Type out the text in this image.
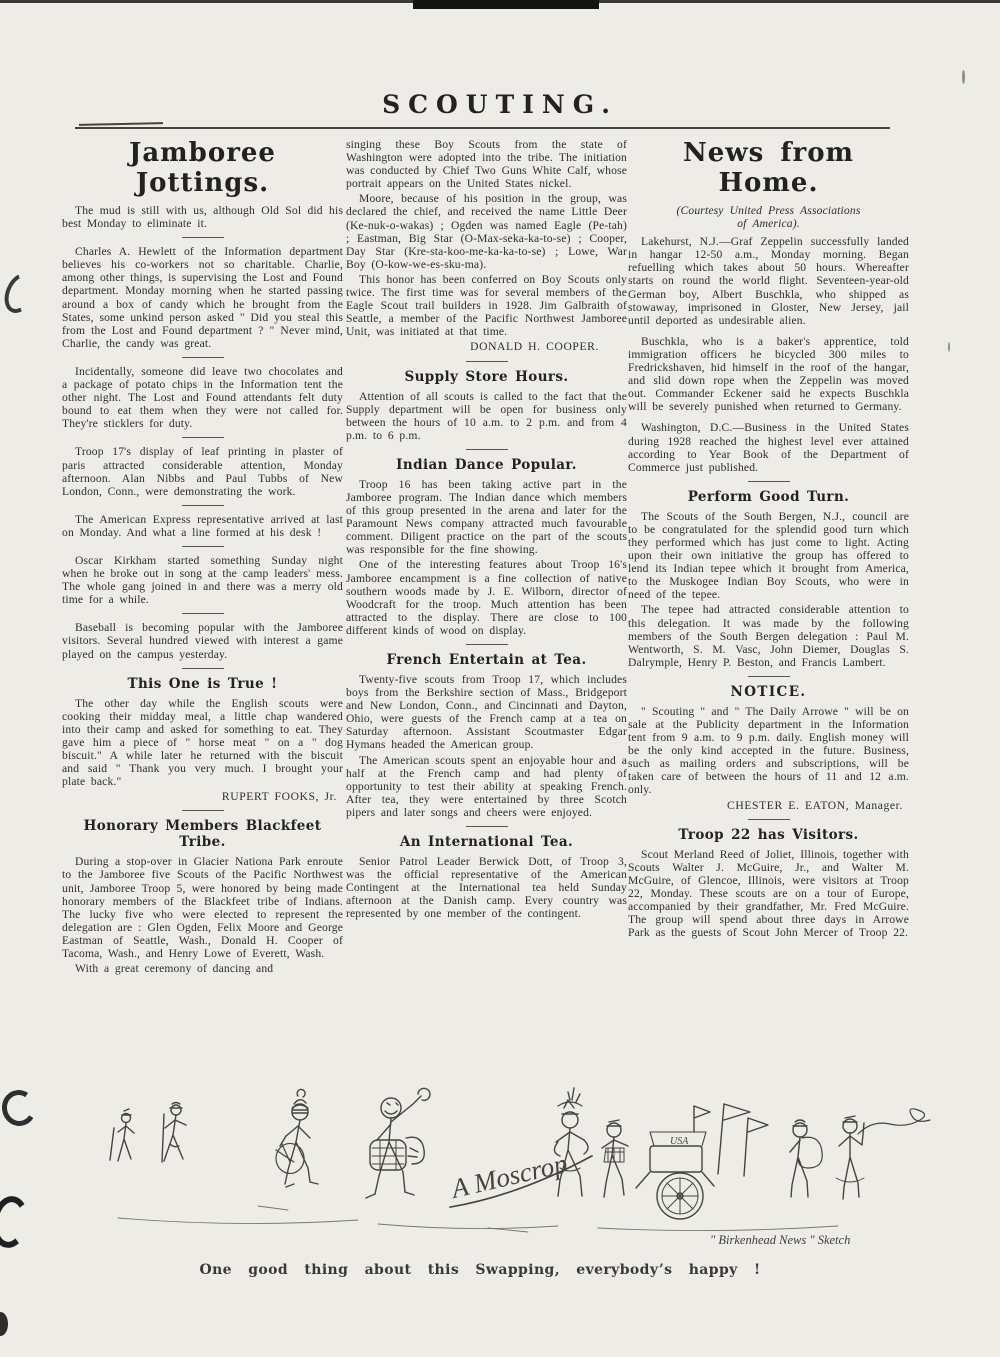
SCOUTING.
Jamboree Jottings.

The mud is still with us, although Old Sol did his best Monday to eliminate it.

Charles A. Hewlett of the Information department believes his co-workers not so charitable. Charlie, among other things, is supervising the Lost and Found department. Monday morning when he started passing around a box of candy which he brought from the States, some unkind person asked " Did you steal this from the Lost and Found department ? " Never mind, Charlie, the candy was great.

Incidentally, someone did leave two chocolates and a package of potato chips in the Information tent the other night. The Lost and Found attendants felt duty bound to eat them when they were not called for. They're sticklers for duty.

Troop 17's display of leaf printing in plaster of paris attracted considerable attention, Monday afternoon. Alan Nibbs and Paul Tubbs of New London, Conn., were demonstrating the work.

The American Express representative arrived at last on Monday. And what a line formed at his desk !

Oscar Kirkham started something Sunday night when he broke out in song at the camp leaders' mess. The whole gang joined in and there was a merry old time for a while.

Baseball is becoming popular with the Jamboree visitors. Several hundred viewed with interest a game played on the campus yesterday.

This One is True !

The other day while the English scouts were cooking their midday meal, a little chap wandered into their camp and asked for something to eat. They gave him a piece of " horse meat " on a " dog biscuit." A while later he returned with the biscuit and said " Thank you very much. I brought your plate back."

RUPERT FOOKS, Jr.

Honorary Members Blackfeet Tribe.

During a stop-over in Glacier Nationa Park enroute to the Jamboree five Scouts of the Pacific Northwest unit, Jamboree Troop 5, were honored by being made honorary members of the Blackfeet tribe of Indians. The lucky five who were elected to represent the delegation are : Glen Ogden, Felix Moore and George Eastman of Seattle, Wash., Donald H. Cooper of Tacoma, Wash., and Henry Lowe of Everett, Wash.

With a great ceremony of dancing and

singing these Boy Scouts from the state of Washington were adopted into the tribe. The initiation was conducted by Chief Two Guns White Calf, whose portrait appears on the United States nickel.

Moore, because of his position in the group, was declared the chief, and received the name Little Deer (Ke-nuk-o-wakas) ; Ogden was named Eagle (Pe-tah) ; Eastman, Big Star (O-Max-seka-ka-to-se) ; Cooper, Day Star (Kre-sta-koo-me-ka-ka-to-se) ; Lowe, War Boy (O-kow-we-es-sku-ma).

This honor has been conferred on Boy Scouts only twice. The first time was for several members of the Eagle Scout trail builders in 1928. Jim Galbraith of Seattle, a member of the Pacific Northwest Jamboree Unit, was initiated at that time.

DONALD H. COOPER.

Supply Store Hours.

Attention of all scouts is called to the fact that the Supply department will be open for business only between the hours of 10 a.m. to 2 p.m. and from 4 p.m. to 6 p.m.

Indian Dance Popular.

Troop 16 has been taking active part in the Jamboree program. The Indian dance which members of this group presented in the arena and later for the Paramount News company attracted much favourable comment. Diligent practice on the part of the scouts was responsible for the fine showing.

One of the interesting features about Troop 16's Jamboree encampment is a fine collection of native southern woods made by J. E. Wilborn, director of Woodcraft for the troop. Much attention has been attracted to the display. There are close to 100 different kinds of wood on display.

French Entertain at Tea.

Twenty-five scouts from Troop 17, which includes boys from the Berkshire section of Mass., Bridgeport and New London, Conn., and Cincinnati and Dayton, Ohio, were guests of the French camp at a tea on Saturday afternoon. Assistant Scoutmaster Edgar Hymans headed the American group.

The American scouts spent an enjoyable hour and a half at the French camp and had plenty of opportunity to test their ability at speaking French. After tea, they were entertained by three Scotch pipers and later songs and cheers were enjoyed.

An International Tea.

Senior Patrol Leader Berwick Dott, of Troop 3, was the official representative of the American Contingent at the International tea held Sunday afternoon at the Danish camp. Every country was represented by one member of the contingent.

News from Home.

(Courtesy United Press Associations

of America).

Lakehurst, N.J.—Graf Zeppelin successfully landed in hangar 12-50 a.m., Monday morning. Began refuelling which takes about 50 hours. Whereafter starts on round the world flight. Seventeen-year-old German boy, Albert Buschkla, who shipped as stowaway, imprisoned in Gloster, New Jersey, jail until deported as undesirable alien.

Buschkla, who is a baker's apprentice, told immigration officers he bicycled 300 miles to Fredrickshaven, hid himself in the roof of the hangar, and slid down rope when the Zeppelin was moved out. Commander Eckener said he expects Buschkla will be severely punished when returned to Germany.

Washington, D.C.—Business in the United States during 1928 reached the highest level ever attained according to Year Book of the Department of Commerce just published.

Perform Good Turn.

The Scouts of the South Bergen, N.J., council are to be congratulated for the splendid good turn which they performed which has just come to light. Acting upon their own initiative the group has offered to lend its Indian tepee which it brought from America, to the Muskogee Indian Boy Scouts, who were in need of the tepee.

The tepee had attracted considerable attention to this delegation. It was made by the following members of the South Bergen delegation : Paul M. Wentworth, S. M. Vasc, John Diemer, Douglas S. Dalrymple, Henry P. Beston, and Francis Lambert.

NOTICE.

" Scouting " and " The Daily Arrowe " will be on sale at the Publicity department in the Information tent from 9 a.m. to 9 p.m. daily. English money will be the only kind accepted in the future. Business, such as mailing orders and subscriptions, will be taken care of between the hours of 11 and 12 a.m. only.

CHESTER E. EATON, Manager.

Troop 22 has Visitors.

Scout Merland Reed of Joliet, Illinois, together with Scouts Walter J. McGuire, Jr., and Walter M. McGuire, of Glencoe, Illinois, were visitors at Troop 22, Monday. These scouts are on a tour of Europe, accompanied by their grandfather, Mr. Fred McGuire. The group will spend about three days in Arrowe Park as the guests of Scout John Mercer of Troop 22.

A Moscrop
USA
" Birkenhead News " Sketch
One good thing about this Swapping, everybody’s happy !
